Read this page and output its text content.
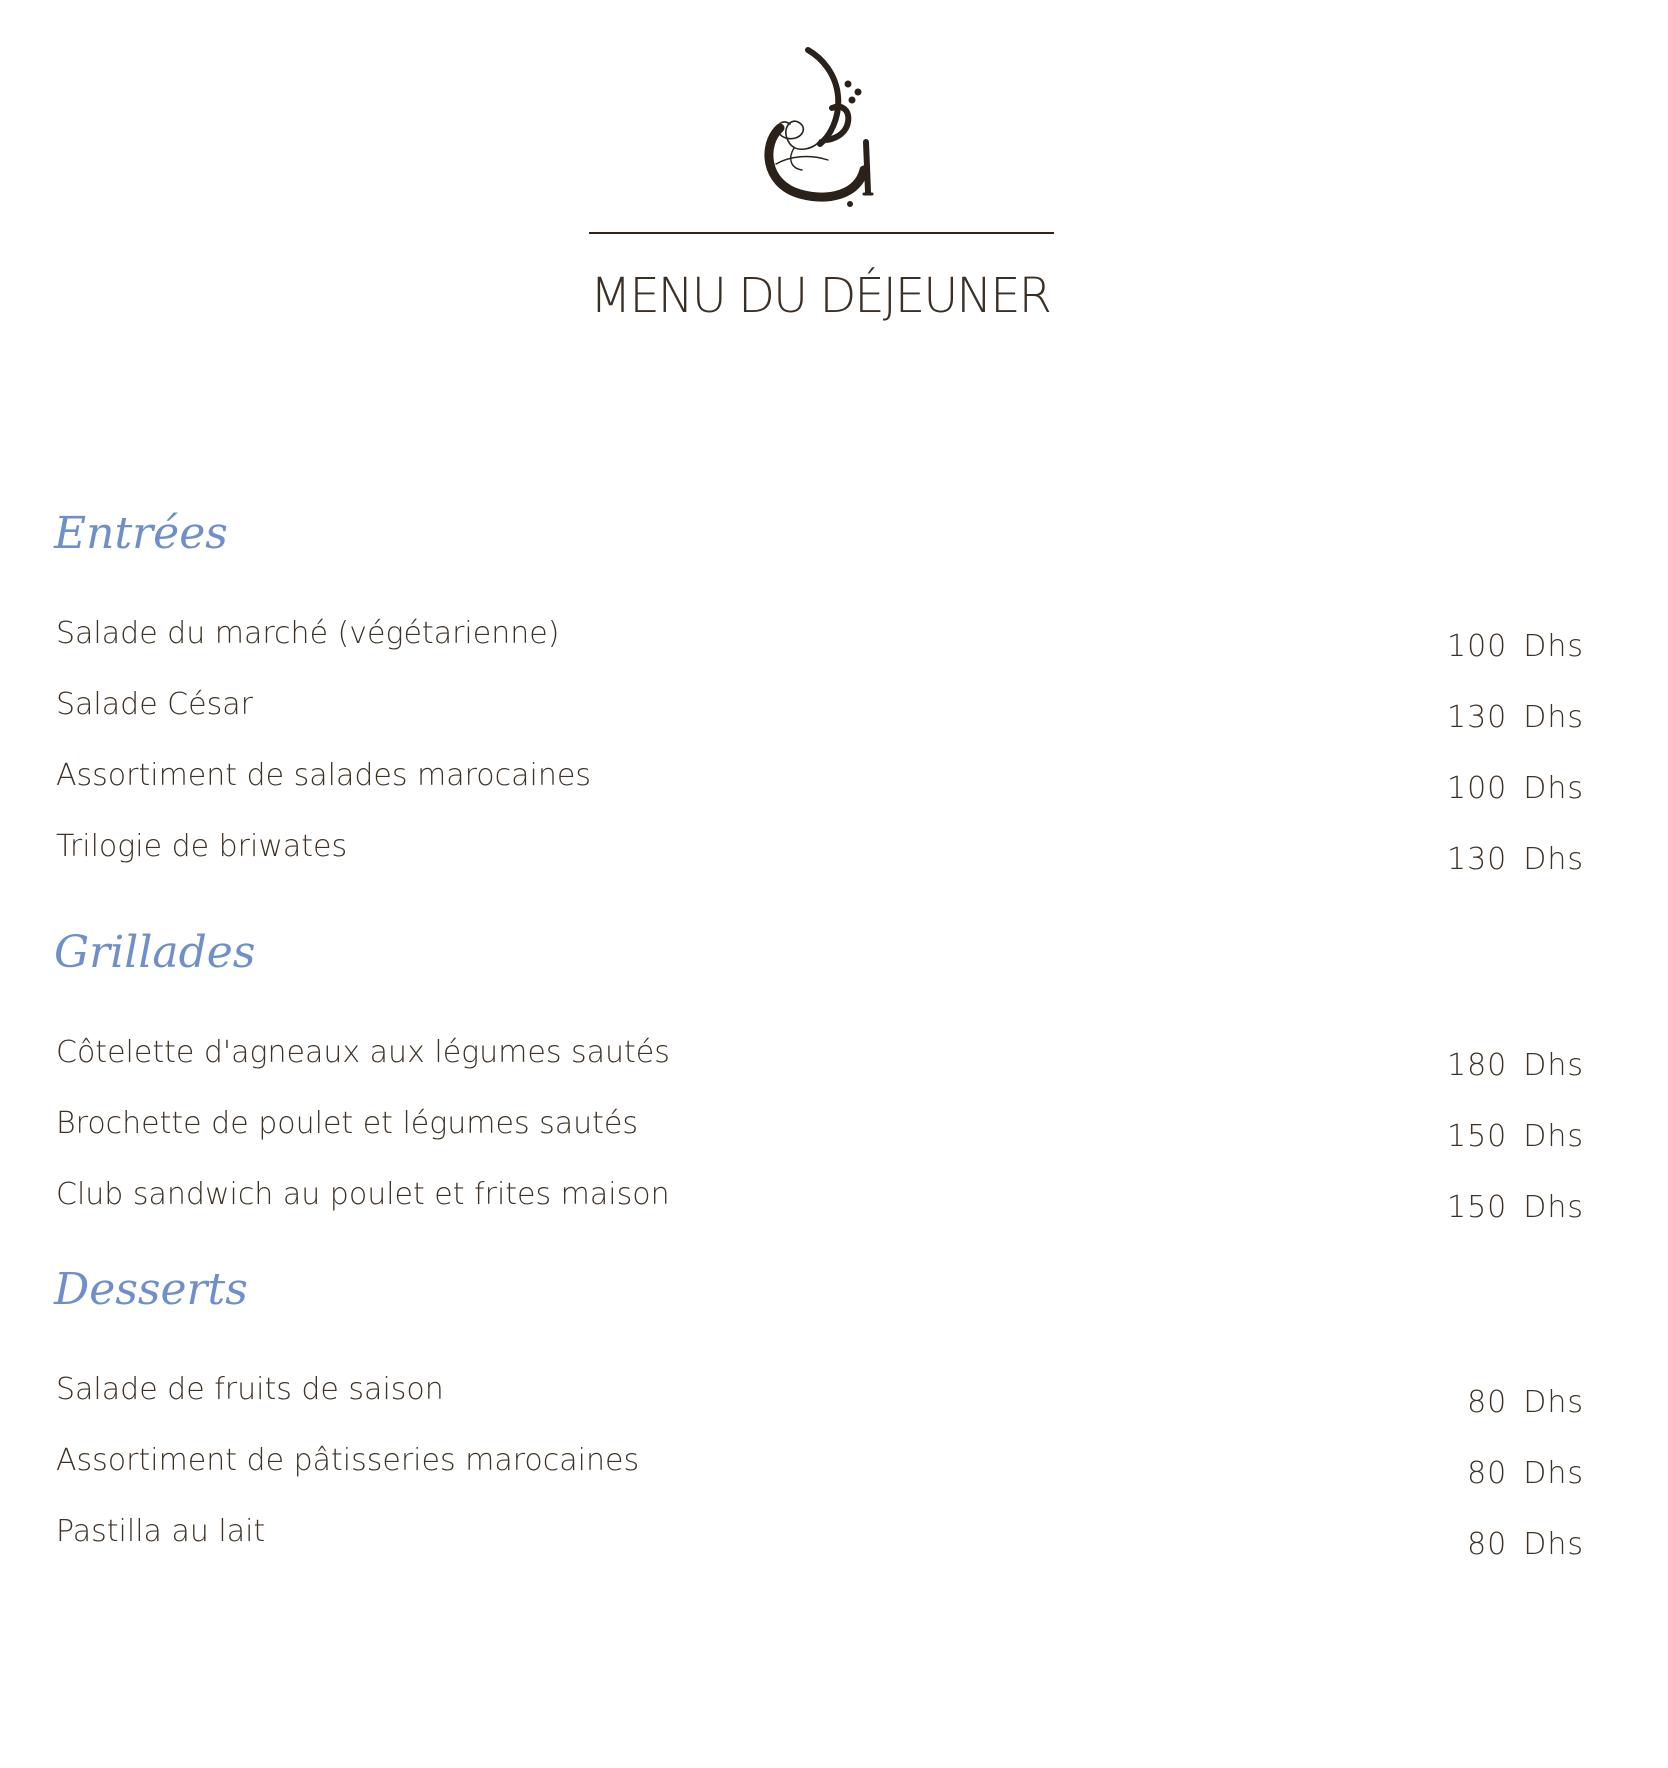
MENU DU DÉJEUNER
Entrées
Salade du marché (végétarienne)	100 Dhs
Salade César	130 Dhs
Assortiment de salades marocaines	100 Dhs
Trilogie de briwates	130 Dhs
Grillades
Côtelette d'agneaux aux légumes sautés	180 Dhs
Brochette de poulet et légumes sautés	150 Dhs
Club sandwich au poulet et frites maison	150 Dhs
Desserts
Salade de fruits de saison	80 Dhs
Assortiment de pâtisseries marocaines	80 Dhs
Pastilla au lait	80 Dhs
